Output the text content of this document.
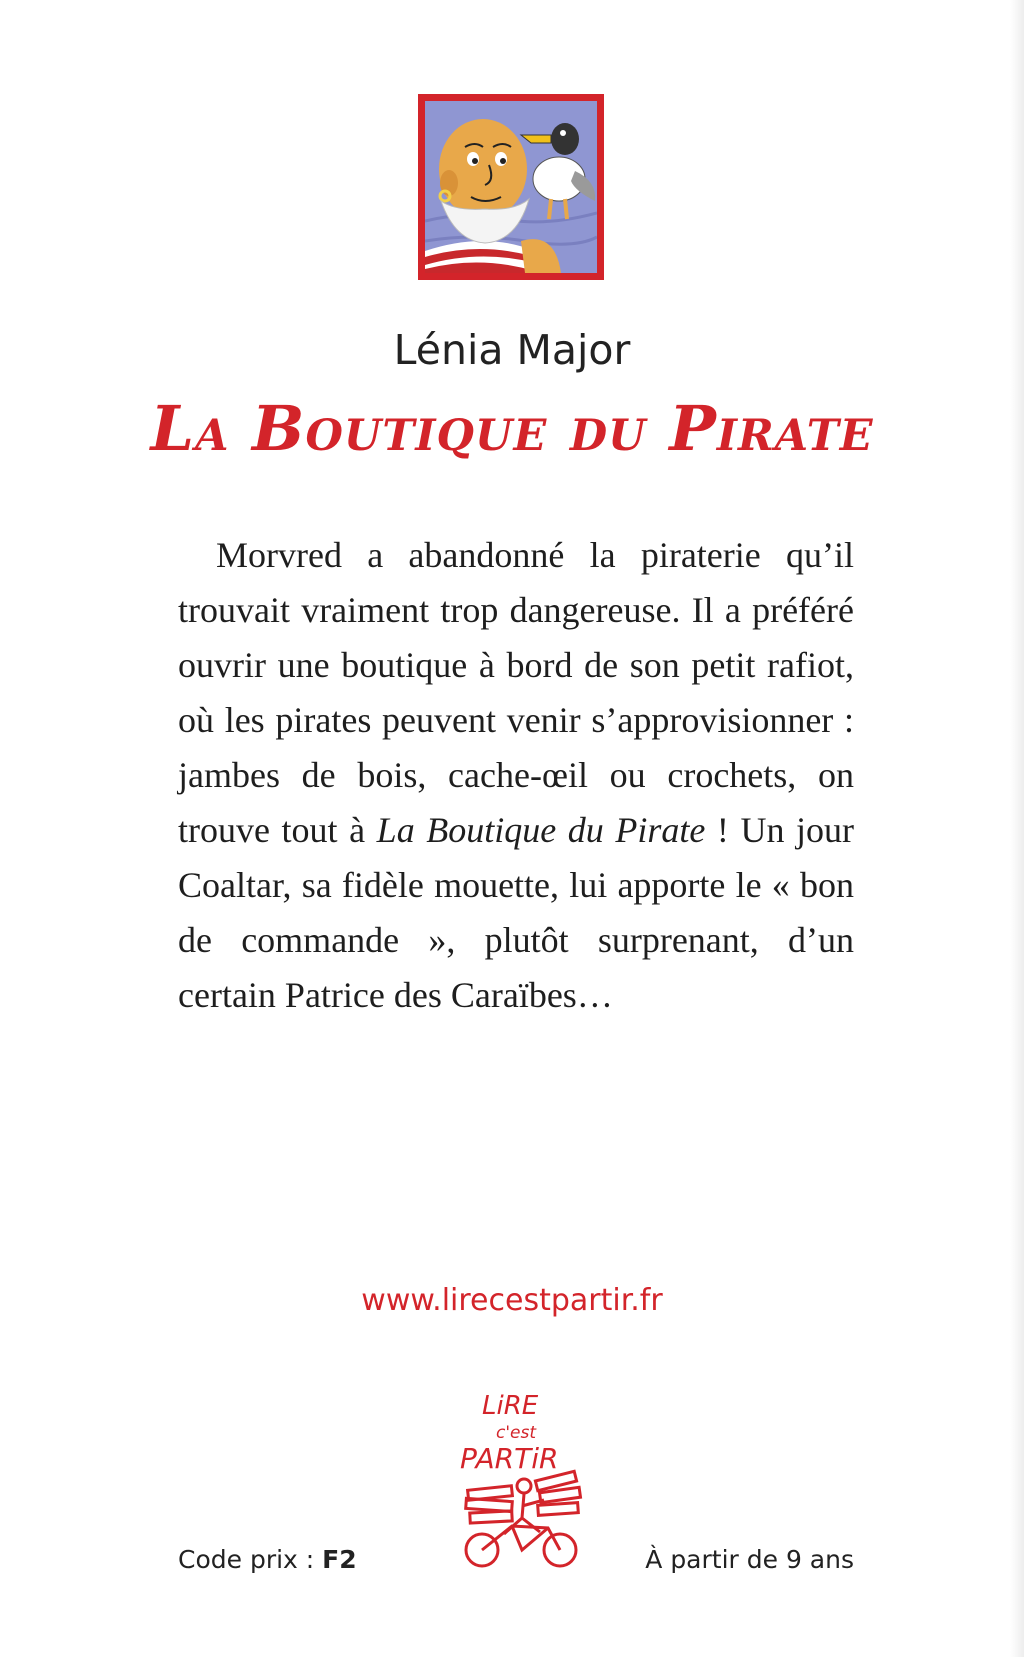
Lénia Major
La Boutique du Pirate
Morvred a abandonné la piraterie qu’il trouvait vraiment trop dangereuse. Il a préféré ouvrir une boutique à bord de son petit rafiot, où les pirates peuvent venir s’approvisionner : jambes de bois, cache-œil ou crochets, on trouve tout à La Boutique du Pirate ! Un jour Coaltar, sa fidèle mouette, lui apporte le « bon de commande », plutôt surprenant, d’un certain Patrice des Caraïbes…
www.lirecestpartir.fr
LiRE
c'est
PARTiR
Code prix : F2	À partir de 9 ans
